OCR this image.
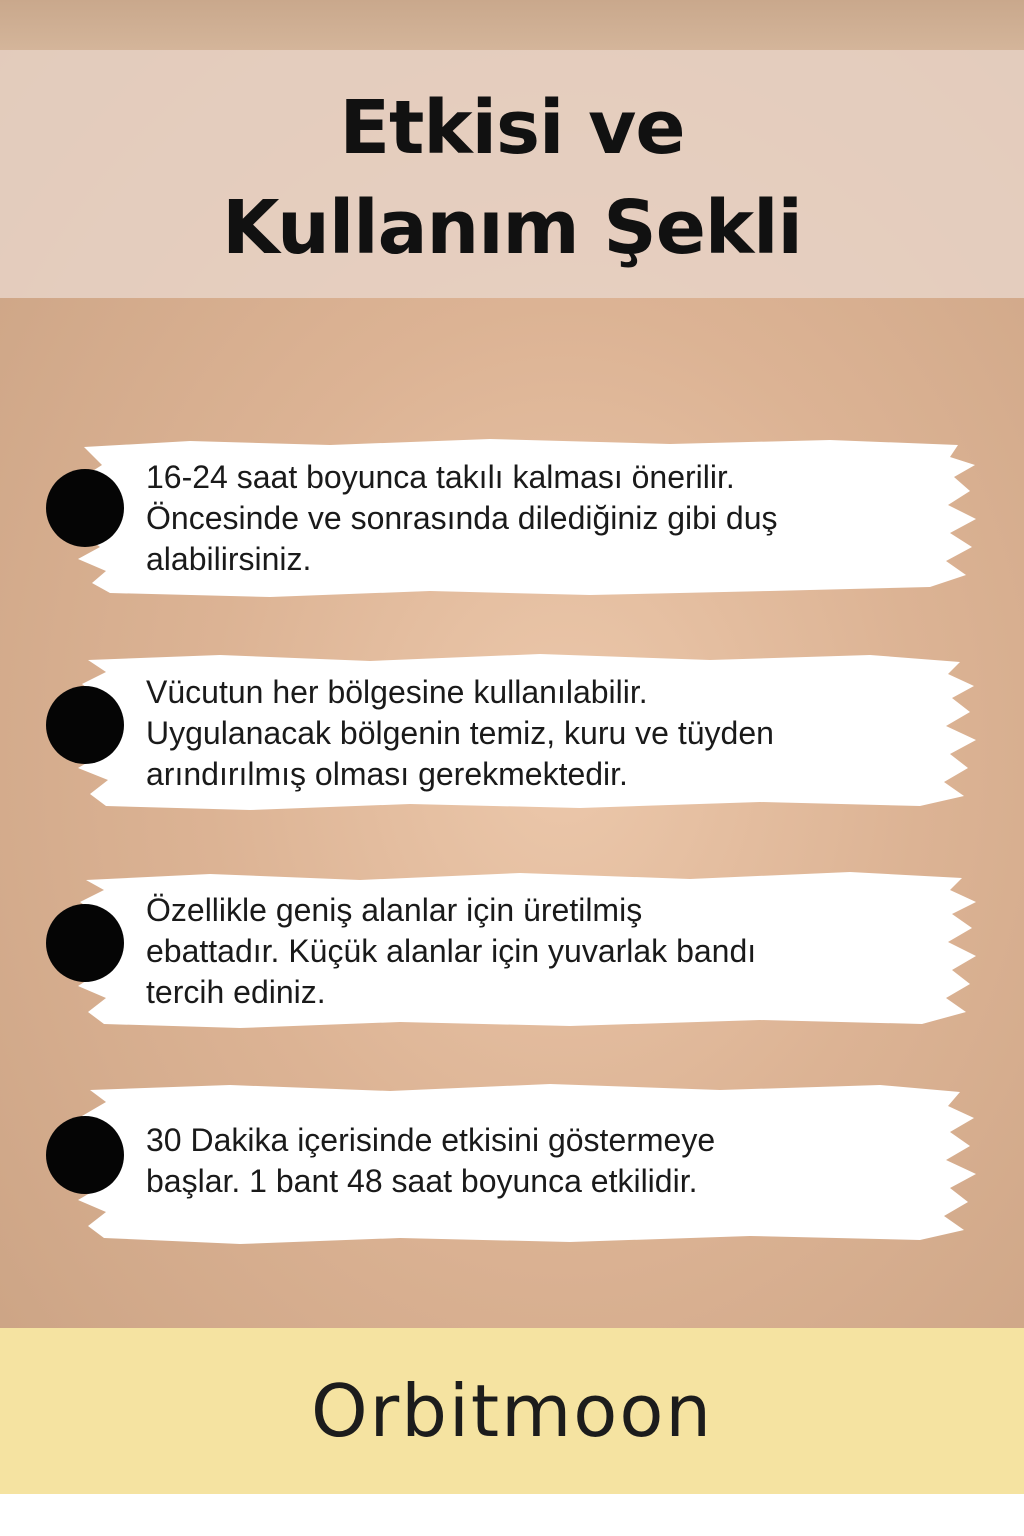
Etkisi ve
Kullanım Şekli
16-24 saat boyunca takılı kalması önerilir.
Öncesinde ve sonrasında dilediğiniz gibi duş
alabilirsiniz.
Vücutun her bölgesine kullanılabilir.
Uygulanacak bölgenin temiz, kuru ve tüyden
arındırılmış olması gerekmektedir.
Özellikle geniş alanlar için üretilmiş
ebattadır. Küçük alanlar için yuvarlak bandı
tercih ediniz.
30 Dakika içerisinde etkisini göstermeye
başlar. 1 bant 48 saat boyunca etkilidir.
Orbitmoon
